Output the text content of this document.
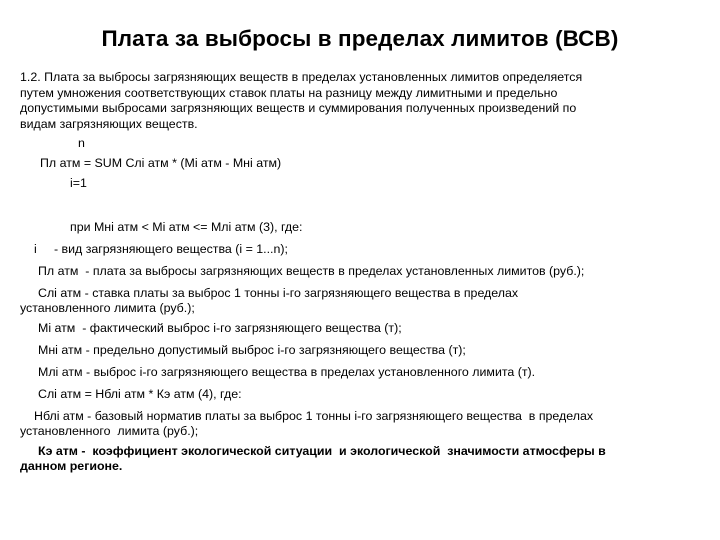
Плата за выбросы в пределах лимитов (ВСВ)
1.2. Плата за выбросы загрязняющих веществ в пределах установленных лимитов определяется
путем умножения соответствующих ставок платы на разницу между лимитными и предельно
допустимыми выбросами загрязняющих веществ и суммирования полученных произведений по
видам загрязняющих веществ.
n
Пл атм = SUM Слi атм * (Мi атм - Мнi атм)
i=1
при Мнi атм < Мi атм <= Млi атм (3), где:
i     - вид загрязняющего вещества (i = 1...n);
Пл атм  - плата за выбросы загрязняющих веществ в пределах установленных лимитов (руб.);
Слi атм - ставка платы за выброс 1 тонны i-го загрязняющего вещества в пределах
установленного лимита (руб.);
Мi атм  - фактический выброс i-го загрязняющего вещества (т);
Мнi атм - предельно допустимый выброс i-го загрязняющего вещества (т);
Млi атм - выброс i-го загрязняющего вещества в пределах установленного лимита (т).
Слi атм = Нблi атм * Кэ атм (4), где:
Нблi атм - базовый норматив платы за выброс 1 тонны i-го загрязняющего вещества  в пределах
установленного  лимита (руб.);
Кэ атм -  коэффициент экологической ситуации  и экологической  значимости атмосферы в
данном регионе.
